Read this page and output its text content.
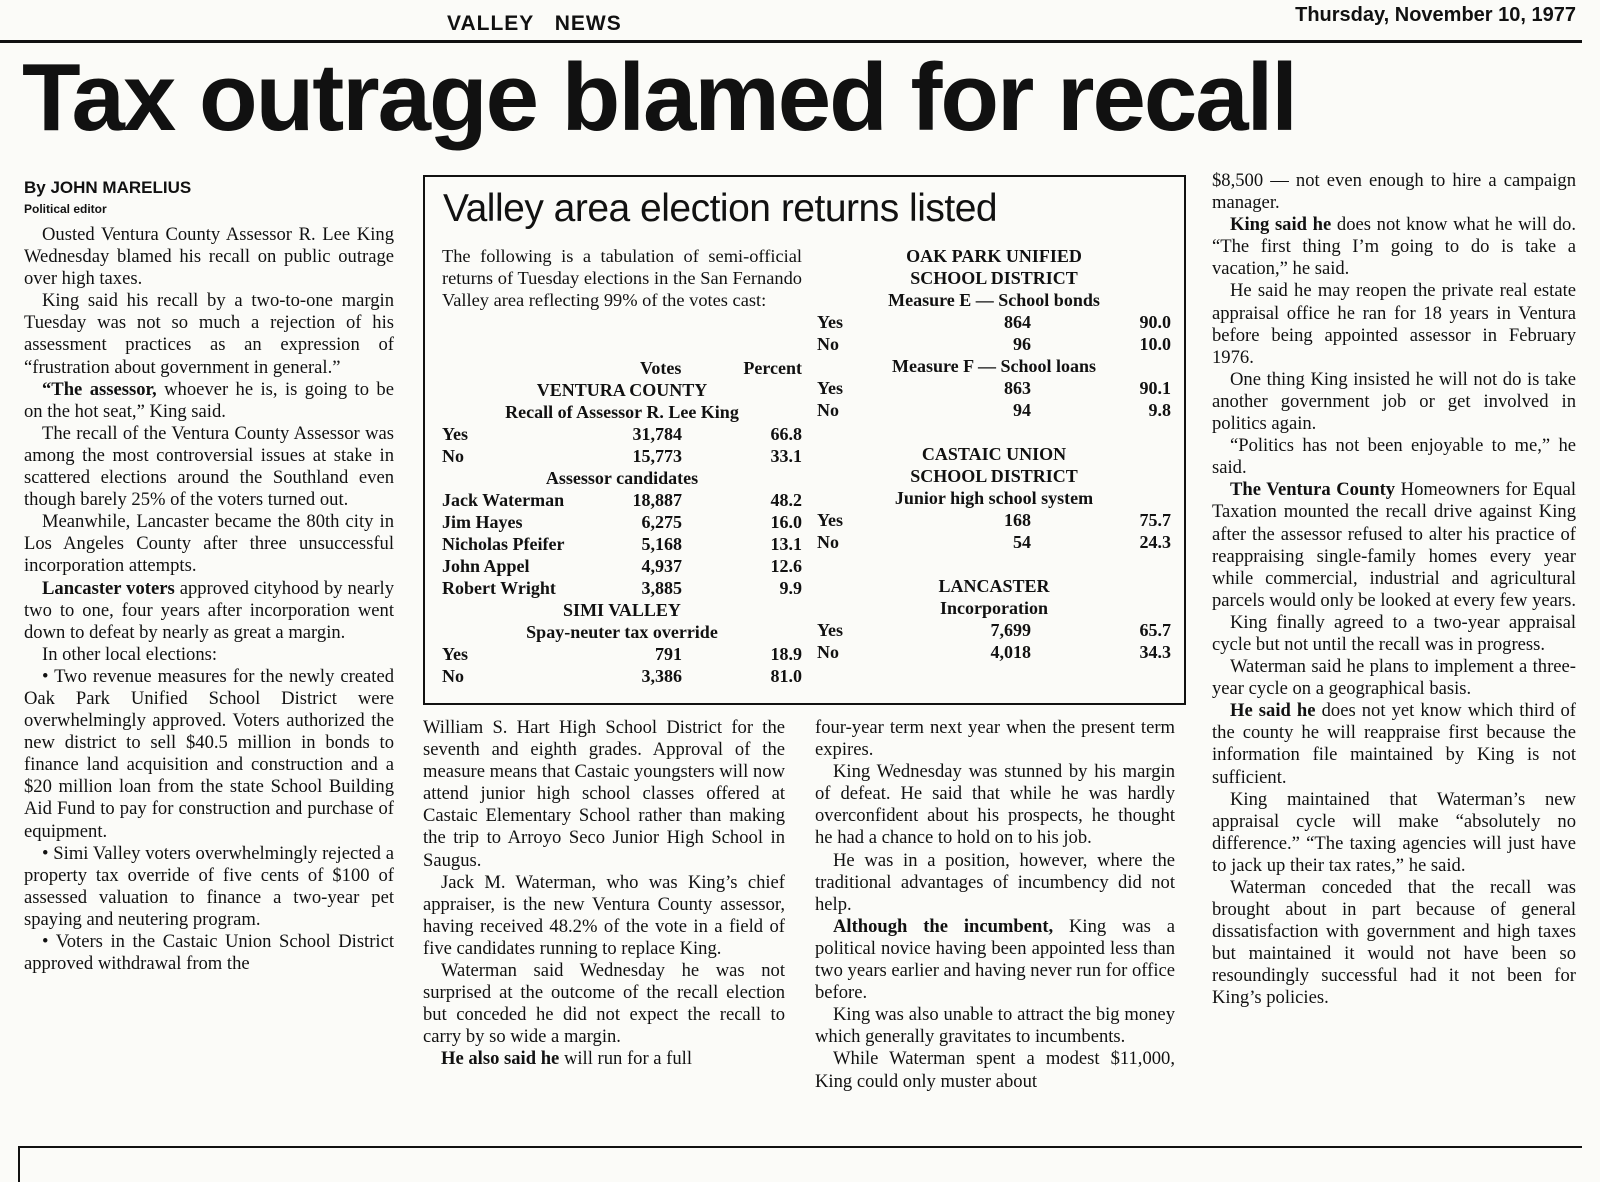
VALLEY NEWS	Thursday, November 10, 1977
Tax outrage blamed for recall
By JOHN MARELIUS
Political editor

Ousted Ventura County Assessor R. Lee King Wednesday blamed his recall on public outrage over high taxes.

King said his recall by a two-to-one margin Tuesday was not so much a rejection of his assessment practices as an expression of “frustration about government in general.”

“The assessor, whoever he is, is going to be on the hot seat,” King said.

The recall of the Ventura County Assessor was among the most controversial issues at stake in scattered elections around the Southland even though barely 25% of the voters turned out.

Meanwhile, Lancaster became the 80th city in Los Angeles County after three unsuccessful incorporation attempts.

Lancaster voters approved cityhood by nearly two to one, four years after incorporation went down to defeat by nearly as great a margin.

In other local elections:

• Two revenue measures for the newly created Oak Park Unified School District were overwhelmingly approved. Voters authorized the new district to sell $40.5 million in bonds to finance land acquisition and construction and a $20 million loan from the state School Building Aid Fund to pay for construction and purchase of equipment.

• Simi Valley voters overwhelmingly rejected a property tax override of five cents of $100 of assessed valuation to finance a two-year pet spaying and neutering program.

• Voters in the Castaic Union School District approved withdrawal from the

Valley area election returns listed
The following is a tabulation of semi-official returns of Tuesday elections in the San Fernando Valley area reflecting 99% of the votes cast:
Votes	Percent
VENTURA COUNTY
Recall of Assessor R. Lee King
Yes	31,784	66.8
No	15,773	33.1
Assessor candidates
Jack Waterman	18,887	48.2
Jim Hayes	6,275	16.0
Nicholas Pfeifer	5,168	13.1
John Appel	4,937	12.6
Robert Wright	3,885	9.9
SIMI VALLEY
Spay-neuter tax override
Yes	791	18.9
No	3,386	81.0
OAK PARK UNIFIED
SCHOOL DISTRICT
Measure E — School bonds
Yes	864	90.0
No	96	10.0
Measure F — School loans
Yes	863	90.1
No	94	9.8
CASTAIC UNION
SCHOOL DISTRICT
Junior high school system
Yes	168	75.7
No	54	24.3
LANCASTER
Incorporation
Yes	7,699	65.7
No	4,018	34.3

William S. Hart High School District for the seventh and eighth grades. Approval of the measure means that Castaic youngsters will now attend junior high school classes offered at Castaic Elementary School rather than making the trip to Arroyo Seco Junior High School in Saugus.

Jack M. Waterman, who was King’s chief appraiser, is the new Ventura County assessor, having received 48.2% of the vote in a field of five candidates running to replace King.

Waterman said Wednesday he was not surprised at the outcome of the recall election but conceded he did not expect the recall to carry by so wide a margin.

He also said he will run for a full

four-year term next year when the present term expires.

King Wednesday was stunned by his margin of defeat. He said that while he was hardly overconfident about his prospects, he thought he had a chance to hold on to his job.

He was in a position, however, where the traditional advantages of incumbency did not help.

Although the incumbent, King was a political novice having been appointed less than two years earlier and having never run for office before.

King was also unable to attract the big money which generally gravitates to incumbents.

While Waterman spent a modest $11,000, King could only muster about

$8,500 — not even enough to hire a campaign manager.

King said he does not know what he will do. “The first thing I’m going to do is take a vacation,” he said.

He said he may reopen the private real estate appraisal office he ran for 18 years in Ventura before being appointed assessor in February 1976.

One thing King insisted he will not do is take another government job or get involved in politics again.

“Politics has not been enjoyable to me,” he said.

The Ventura County Homeowners for Equal Taxation mounted the recall drive against King after the assessor refused to alter his practice of reappraising single-family homes every year while commercial, industrial and agricultural parcels would only be looked at every few years.

King finally agreed to a two-year appraisal cycle but not until the recall was in progress.

Waterman said he plans to implement a three-year cycle on a geographical basis.

He said he does not yet know which third of the county he will reappraise first because the information file maintained by King is not sufficient.

King maintained that Waterman’s new appraisal cycle will make “absolutely no difference.” “The taxing agencies will just have to jack up their tax rates,” he said.

Waterman conceded that the recall was brought about in part because of general dissatisfaction with government and high taxes but maintained it would not have been so resoundingly successful had it not been for King’s policies.
